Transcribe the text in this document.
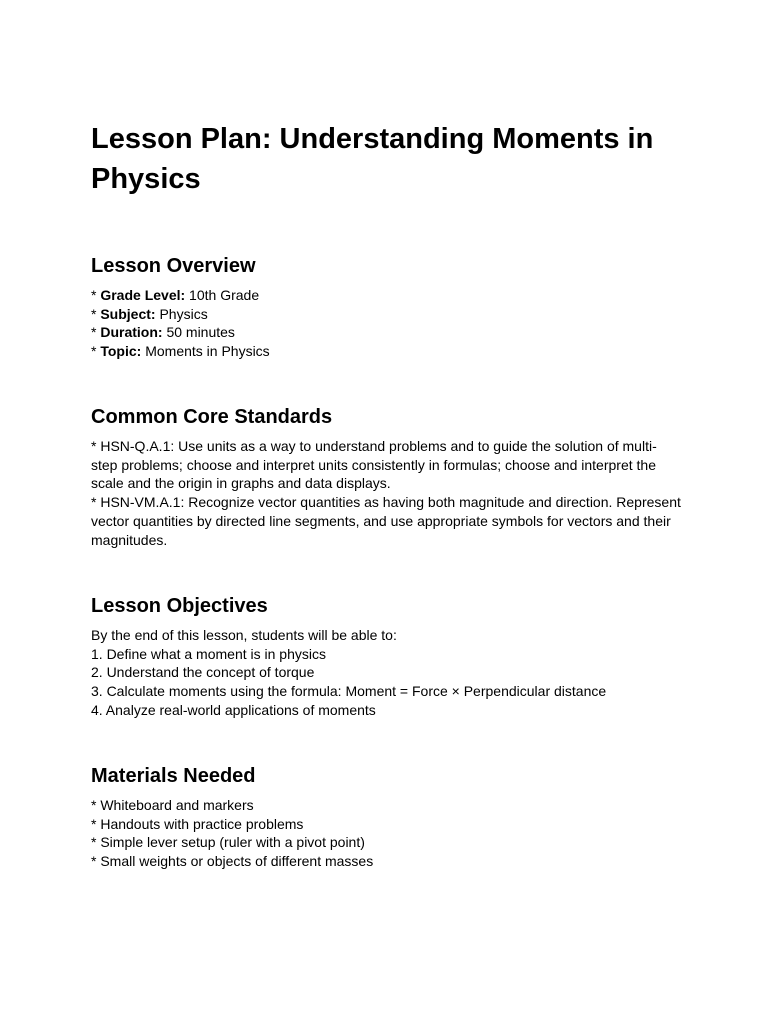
Lesson Plan: Understanding Moments in Physics
Lesson Overview
* Grade Level: 10th Grade
* Subject: Physics
* Duration: 50 minutes
* Topic: Moments in Physics
Common Core Standards
* HSN-Q.A.1: Use units as a way to understand problems and to guide the solution of multi-step problems; choose and interpret units consistently in formulas; choose and interpret the scale and the origin in graphs and data displays.
* HSN-VM.A.1: Recognize vector quantities as having both magnitude and direction. Represent vector quantities by directed line segments, and use appropriate symbols for vectors and their magnitudes.
Lesson Objectives
By the end of this lesson, students will be able to:
1. Define what a moment is in physics
2. Understand the concept of torque
3. Calculate moments using the formula: Moment = Force × Perpendicular distance
4. Analyze real-world applications of moments
Materials Needed
* Whiteboard and markers
* Handouts with practice problems
* Simple lever setup (ruler with a pivot point)
* Small weights or objects of different masses
